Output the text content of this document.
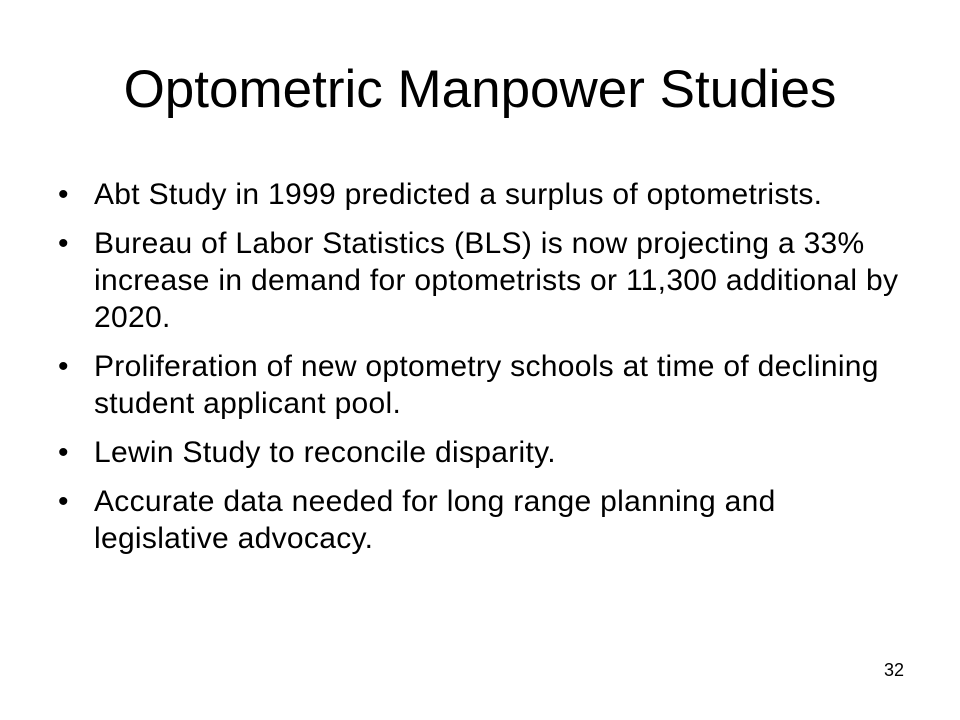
Optometric Manpower Studies
• Abt Study in 1999 predicted a surplus of optometrists.
• Bureau of Labor Statistics (BLS) is now projecting a 33% increase in demand for optometrists or 11,300 additional by 2020.
• Proliferation of new optometry schools at time of declining student applicant pool.
• Lewin Study to reconcile disparity.
• Accurate data needed for long range planning and legislative advocacy.
32
